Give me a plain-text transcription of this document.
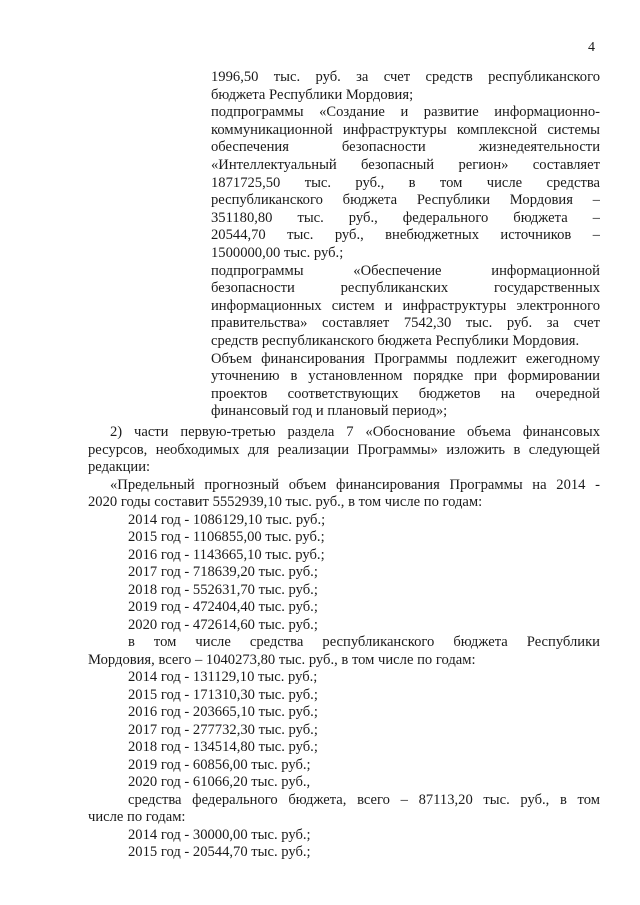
4
1996,50 тыс. руб. за счет средств республиканского
бюджета Республики Мордовия;
подпрограммы «Создание и развитие информационно-
коммуникационной инфраструктуры комплексной системы
обеспечения безопасности жизнедеятельности
«Интеллектуальный безопасный регион» составляет
1871725,50 тыс. руб., в том числе средства
республиканского бюджета Республики Мордовия –
351180,80 тыс. руб., федерального бюджета –
20544,70 тыс. руб., внебюджетных источников –
1500000,00 тыс. руб.;
подпрограммы «Обеспечение информационной
безопасности республиканских государственных
информационных систем и инфраструктуры электронного
правительства» составляет 7542,30 тыс. руб. за счет
средств республиканского бюджета Республики Мордовия.
Объем финансирования Программы подлежит ежегодному
уточнению в установленном порядке при формировании
проектов соответствующих бюджетов на очередной
финансовый год и плановый период»;
2) части первую-третью раздела 7 «Обоснование объема финансовых
ресурсов, необходимых для реализации Программы» изложить в следующей
редакции:
«Предельный прогнозный объем финансирования Программы на 2014 -
2020 годы составит 5552939,10 тыс. руб., в том числе по годам:
2014 год - 1086129,10 тыс. руб.;
2015 год - 1106855,00 тыс. руб.;
2016 год - 1143665,10 тыс. руб.;
2017 год - 718639,20 тыс. руб.;
2018 год - 552631,70 тыс. руб.;
2019 год - 472404,40 тыс. руб.;
2020 год - 472614,60 тыс. руб.;
в том числе средства республиканского бюджета Республики
Мордовия, всего – 1040273,80 тыс. руб., в том числе по годам:
2014 год - 131129,10 тыс. руб.;
2015 год - 171310,30 тыс. руб.;
2016 год - 203665,10 тыс. руб.;
2017 год - 277732,30 тыс. руб.;
2018 год - 134514,80 тыс. руб.;
2019 год - 60856,00 тыс. руб.;
2020 год - 61066,20 тыс. руб.,
средства федерального бюджета, всего – 87113,20 тыс. руб., в том
числе по годам:
2014 год - 30000,00 тыс. руб.;
2015 год - 20544,70 тыс. руб.;
